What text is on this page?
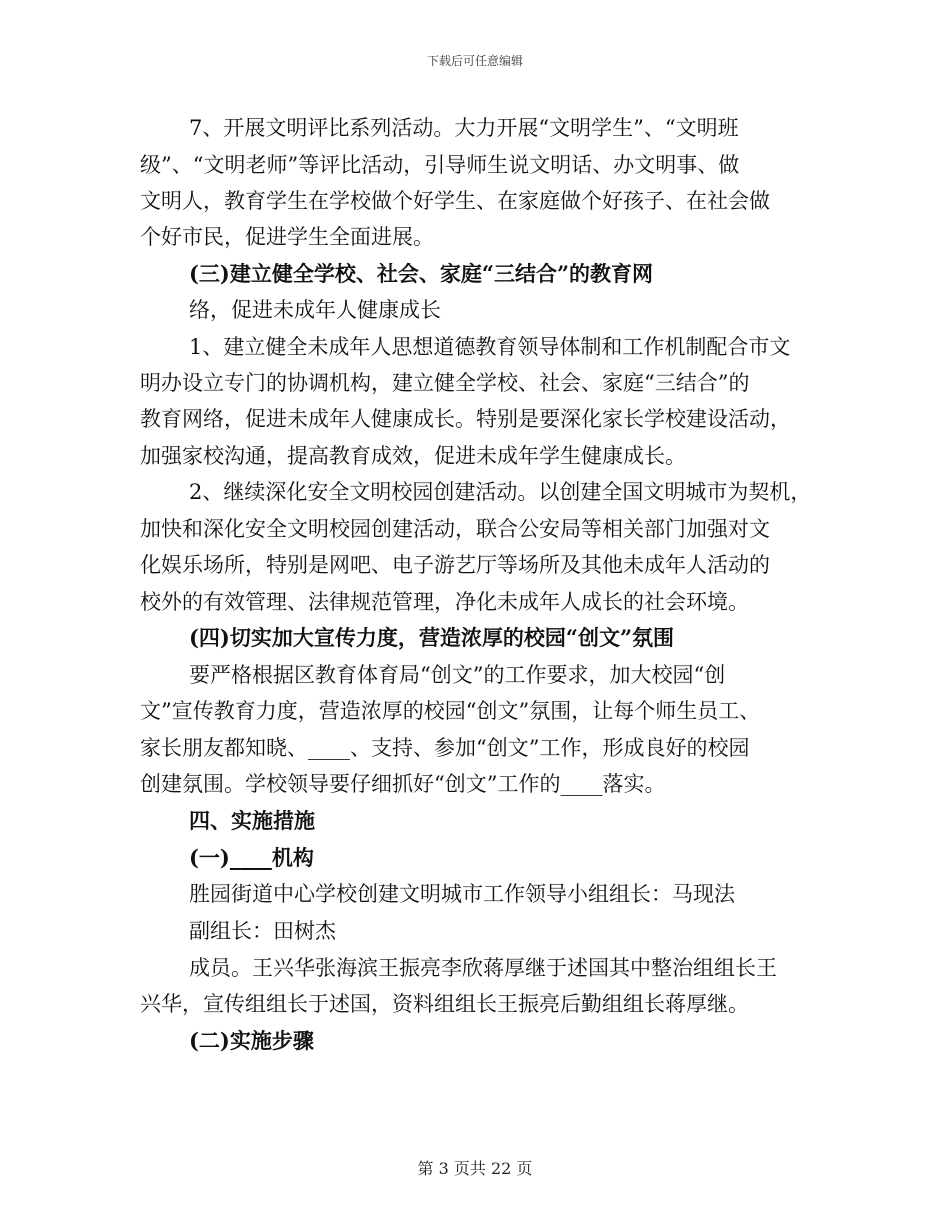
下载后可任意编辑
7、开展文明评比系列活动。大力开展“文明学生”、“文明班
级”、“文明老师”等评比活动，引导师生说文明话、办文明事、做
文明人，教育学生在学校做个好学生、在家庭做个好孩子、在社会做
个好市民，促进学生全面进展。
(三)建立健全学校、社会、家庭“三结合”的教育网
络，促进未成年人健康成长
1、建立健全未成年人思想道德教育领导体制和工作机制配合市文
明办设立专门的协调机构，建立健全学校、社会、家庭“三结合”的
教育网络，促进未成年人健康成长。特别是要深化家长学校建设活动，
加强家校沟通，提高教育成效，促进未成年学生健康成长。
2、继续深化安全文明校园创建活动。以创建全国文明城市为契机，
加快和深化安全文明校园创建活动，联合公安局等相关部门加强对文
化娱乐场所，特别是网吧、电子游艺厅等场所及其他未成年人活动的
校外的有效管理、法律规范管理，净化未成年人成长的社会环境。
(四)切实加大宣传力度，营造浓厚的校园“创文”氛围
要严格根据区教育体育局“创文”的工作要求，加大校园“创
文”宣传教育力度，营造浓厚的校园“创文”氛围，让每个师生员工、
家长朋友都知晓、____、支持、参加“创文”工作，形成良好的校园
创建氛围。学校领导要仔细抓好“创文”工作的____落实。
四、实施措施
(一)____机构
胜园街道中心学校创建文明城市工作领导小组组长：马现法
副组长：田树杰
成员。王兴华张海滨王振亮李欣蒋厚继于述国其中整治组组长王
兴华，宣传组组长于述国，资料组组长王振亮后勤组组长蒋厚继。
(二)实施步骤
第 3 页共 22 页
